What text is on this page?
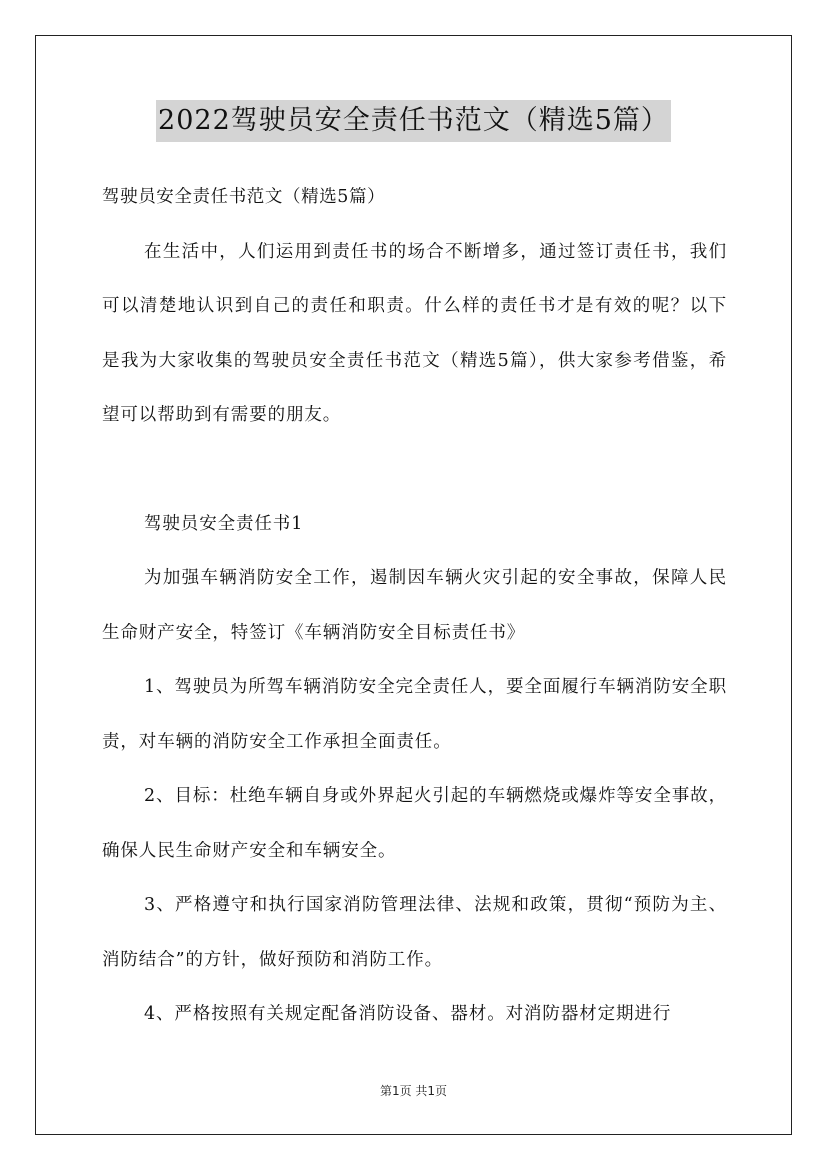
2022驾驶员安全责任书范文（精选5篇）

驾驶员安全责任书范文（精选5篇）

在生活中，人们运用到责任书的场合不断增多，通过签订责任书，我们可以清楚地认识到自己的责任和职责。什么样的责任书才是有效的呢？以下是我为大家收集的驾驶员安全责任书范文（精选5篇），供大家参考借鉴，希望可以帮助到有需要的朋友。

驾驶员安全责任书1

为加强车辆消防安全工作，遏制因车辆火灾引起的安全事故，保障人民生命财产安全，特签订《车辆消防安全目标责任书》

1、驾驶员为所驾车辆消防安全完全责任人，要全面履行车辆消防安全职责，对车辆的消防安全工作承担全面责任。

2、目标：杜绝车辆自身或外界起火引起的车辆燃烧或爆炸等安全事故，确保人民生命财产安全和车辆安全。

3、严格遵守和执行国家消防管理法律、法规和政策，贯彻“预防为主、消防结合”的方针，做好预防和消防工作。

4、严格按照有关规定配备消防设备、器材。对消防器材定期进行

第1页 共1页
